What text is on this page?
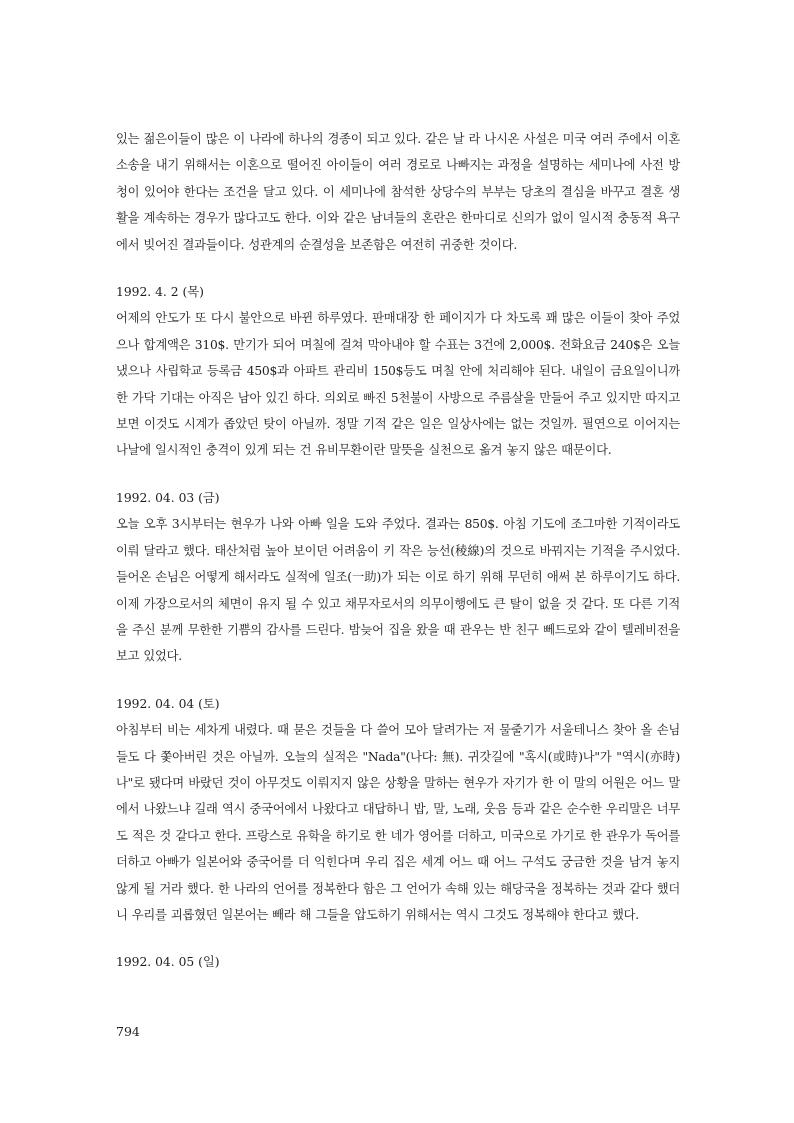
있는 젊은이들이 많은 이 나라에 하나의 경종이 되고 있다. 같은 날 라 나시온 사설은 미국 여러 주에서 이혼 소송을 내기 위해서는 이혼으로 떨어진 아이들이 여러 경로로 나빠지는 과정을 설명하는 세미나에 사전 방청이 있어야 한다는 조건을 달고 있다. 이 세미나에 참석한 상당수의 부부는 당초의 결심을 바꾸고 결혼 생활을 계속하는 경우가 많다고도 한다. 이와 같은 남녀들의 혼란은 한마디로 신의가 없이 일시적 충동적 욕구에서 빚어진 결과들이다. 성관계의 순결성을 보존함은 여전히 귀중한 것이다.

1992. 4. 2 (목)

어제의 안도가 또 다시 불안으로 바뀐 하루였다. 판매대장 한 페이지가 다 차도록 꽤 많은 이들이 찾아 주었으나 합계액은 310$. 만기가 되어 며칠에 걸쳐 막아내야 할 수표는 3건에 2,000$. 전화요금 240$은 오늘 냈으나 사립학교 등록금 450$과 아파트 관리비 150$등도 며칠 안에 처리해야 된다. 내일이 금요일이니까 한 가닥 기대는 아직은 남아 있긴 하다. 의외로 빠진 5천불이 사방으로 주름살을 만들어 주고 있지만 따지고 보면 이것도 시계가 좁았던 탓이 아닐까. 정말 기적 같은 일은 일상사에는 없는 것일까. 필연으로 이어지는 나날에 일시적인 충격이 있게 되는 건 유비무환이란 말뜻을 실천으로 옮겨 놓지 않은 때문이다.

1992. 04. 03 (금)

오늘 오후 3시부터는 현우가 나와 아빠 일을 도와 주었다. 결과는 850$. 아침 기도에 조그마한 기적이라도 이뤄 달라고 했다. 태산처럼 높아 보이던 어려움이 키 작은 능선(稜線)의 것으로 바꿔지는 기적을 주시었다. 들어온 손님은 어떻게 해서라도 실적에 일조(一助)가 되는 이로 하기 위해 무던히 애써 본 하루이기도 하다. 이제 가장으로서의 체면이 유지 될 수 있고 채무자로서의 의무이행에도 큰 탈이 없을 것 같다. 또 다른 기적을 주신 분께 무한한 기쁨의 감사를 드린다. 밤늦어 집을 왔을 때 관우는 반 친구 뻬드로와 같이 텔레비전을 보고 있었다.

1992. 04. 04 (토)

아침부터 비는 세차게 내렸다. 때 묻은 것들을 다 쓸어 모아 달려가는 저 물줄기가 서울테니스 찾아 올 손님들도 다 쫓아버린 것은 아닐까. 오늘의 실적은 "Nada"(나다: 無). 귀갓길에 "혹시(或時)나"가 "역시(亦時)나"로 됐다며 바랐던 것이 아무것도 이뤄지지 않은 상황을 말하는 현우가 자기가 한 이 말의 어원은 어느 말에서 나왔느냐 길래 역시 중국어에서 나왔다고 대답하니 밥, 말, 노래, 웃음 등과 같은 순수한 우리말은 너무도 적은 것 같다고 한다. 프랑스로 유학을 하기로 한 네가 영어를 더하고, 미국으로 가기로 한 관우가 독어를 더하고 아빠가 일본어와 중국어를 더 익힌다며 우리 집은 세계 어느 때 어느 구석도 궁금한 것을 남겨 놓지 않게 될 거라 했다. 한 나라의 언어를 정복한다 함은 그 언어가 속해 있는 해당국을 정복하는 것과 같다 했더니 우리를 괴롭혔던 일본어는 빼라 해 그들을 압도하기 위해서는 역시 그것도 정복해야 한다고 했다.

1992. 04. 05 (일)

794
